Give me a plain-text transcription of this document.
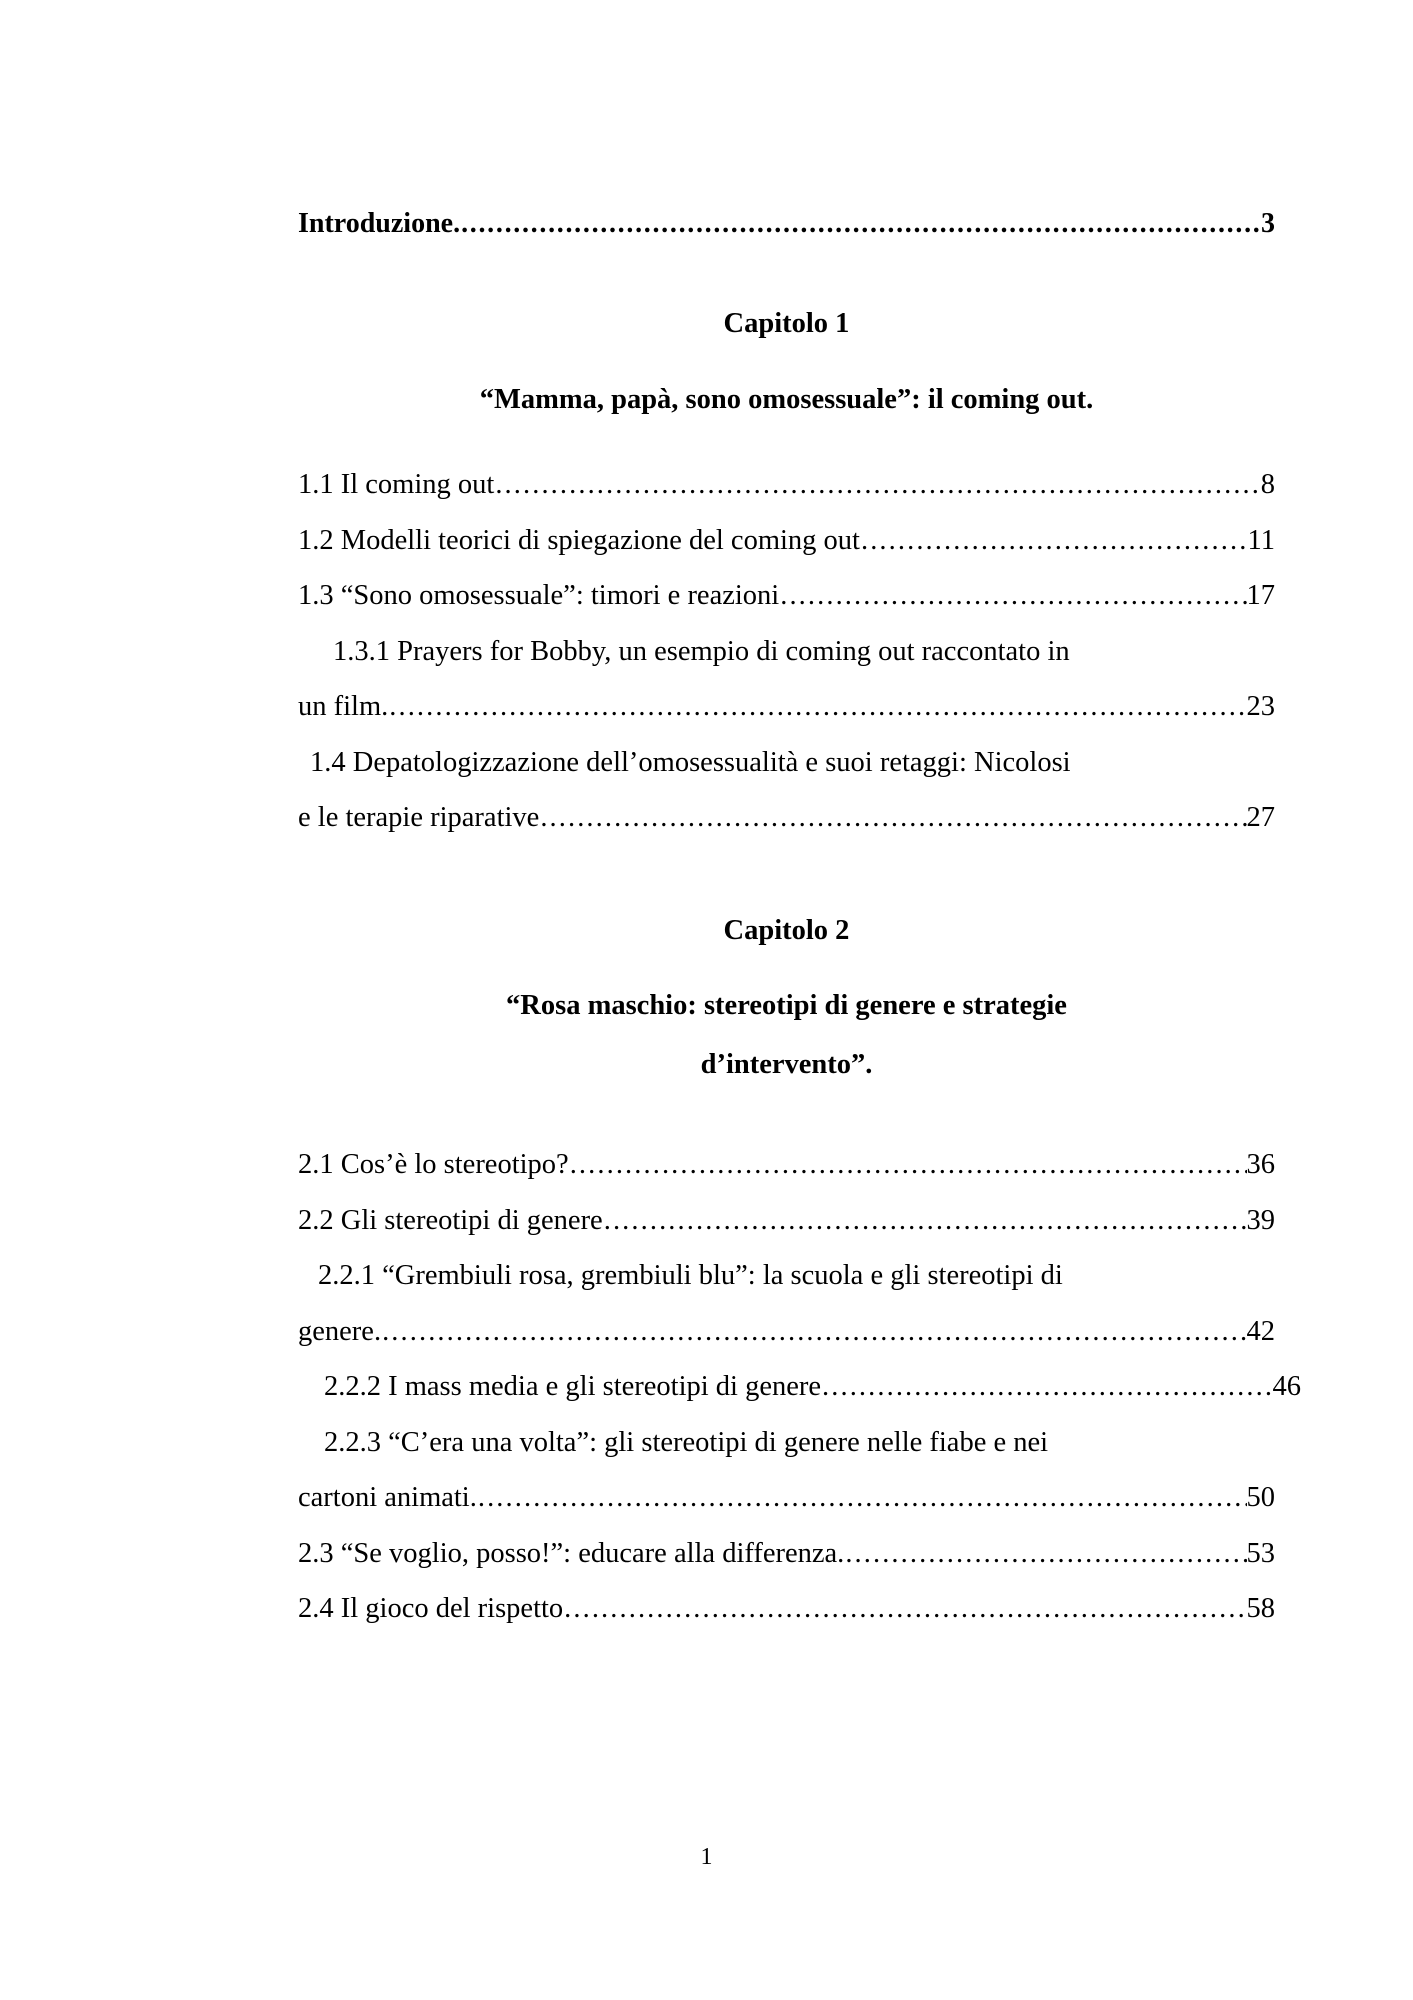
Introduzione. .....	3
Capitolo 1
“Mamma, papà, sono omosessuale”: il coming out.
1.1 Il coming out .....	8
1.2 Modelli teorici di spiegazione del coming out .....	11
1.3 “Sono omosessuale”: timori e reazioni .....	17
1.3.1 Prayers for Bobby, un esempio di coming out raccontato in
un film. .....	23
1.4 Depatologizzazione dell’omosessualità e suoi retaggi: Nicolosi
e le terapie riparative .....	27
Capitolo 2
“Rosa maschio: stereotipi di genere e strategie
d’intervento”.
2.1 Cos’è lo stereotipo? .....	36
2.2 Gli stereotipi di genere .....	39
2.2.1 “Grembiuli rosa, grembiuli blu”: la scuola e gli stereotipi di
genere. .....	42
2.2.2 I mass media e gli stereotipi di genere .....	46
2.2.3 “C’era una volta”: gli stereotipi di genere nelle fiabe e nei
cartoni animati. .....	50
2.3 “Se voglio, posso!”: educare alla differenza. .....	53
2.4 Il gioco del rispetto .....	58
1
